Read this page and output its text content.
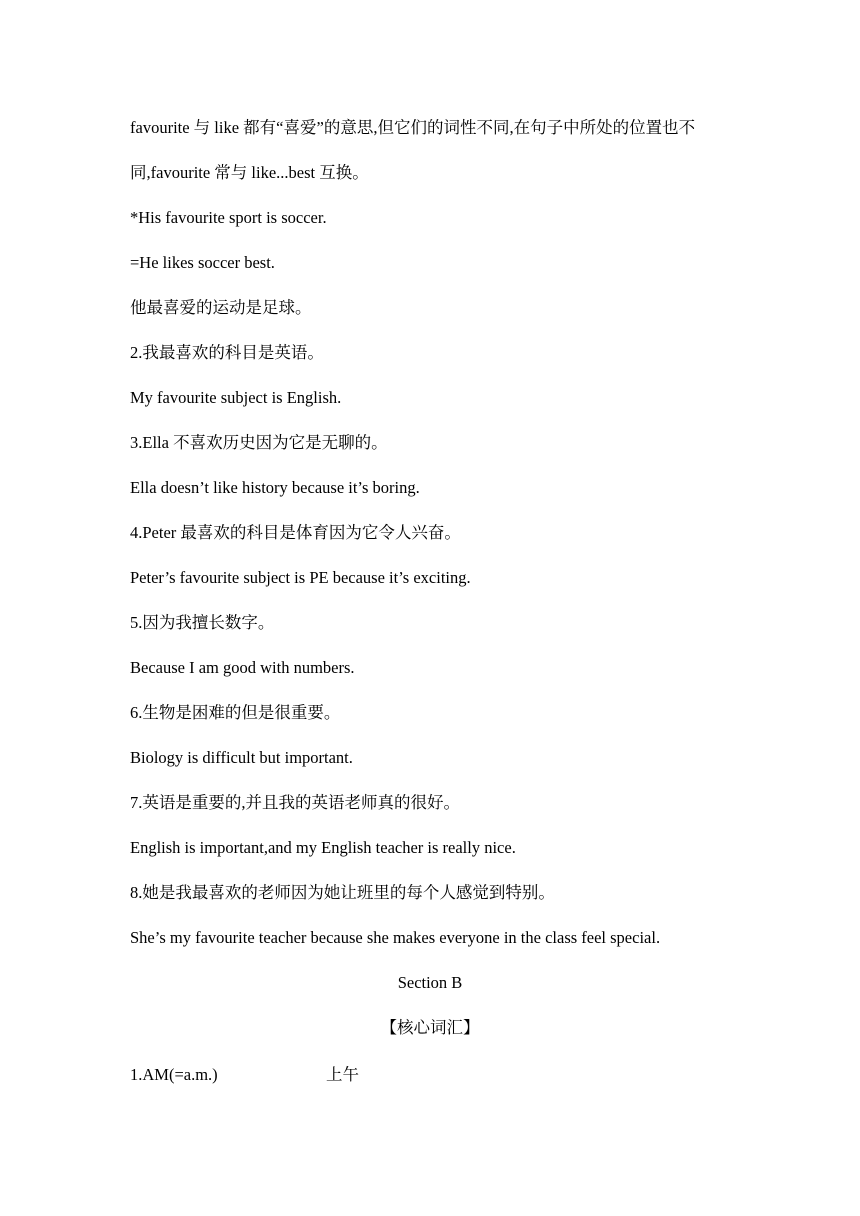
favourite 与 like 都有“喜爱”的意思,但它们的词性不同,在句子中所处的位置也不
同,favourite 常与 like...best 互换。
*His favourite sport is soccer.
=He likes soccer best.
他最喜爱的运动是足球。
2.我最喜欢的科目是英语。
My favourite subject is English.
3.Ella 不喜欢历史因为它是无聊的。
Ella doesn’t like history because it’s boring.
4.Peter 最喜欢的科目是体育因为它令人兴奋。
Peter’s favourite subject is PE because it’s exciting.
5.因为我擅长数字。
Because I am good with numbers.
6.生物是困难的但是很重要。
Biology is difficult but important.
7.英语是重要的,并且我的英语老师真的很好。
English is important,and my English teacher is really nice.
8.她是我最喜欢的老师因为她让班里的每个人感觉到特别。
She’s my favourite teacher because she makes everyone in the class feel special.
Section B
【核心词汇】
1.AM(=a.m.)	上午
